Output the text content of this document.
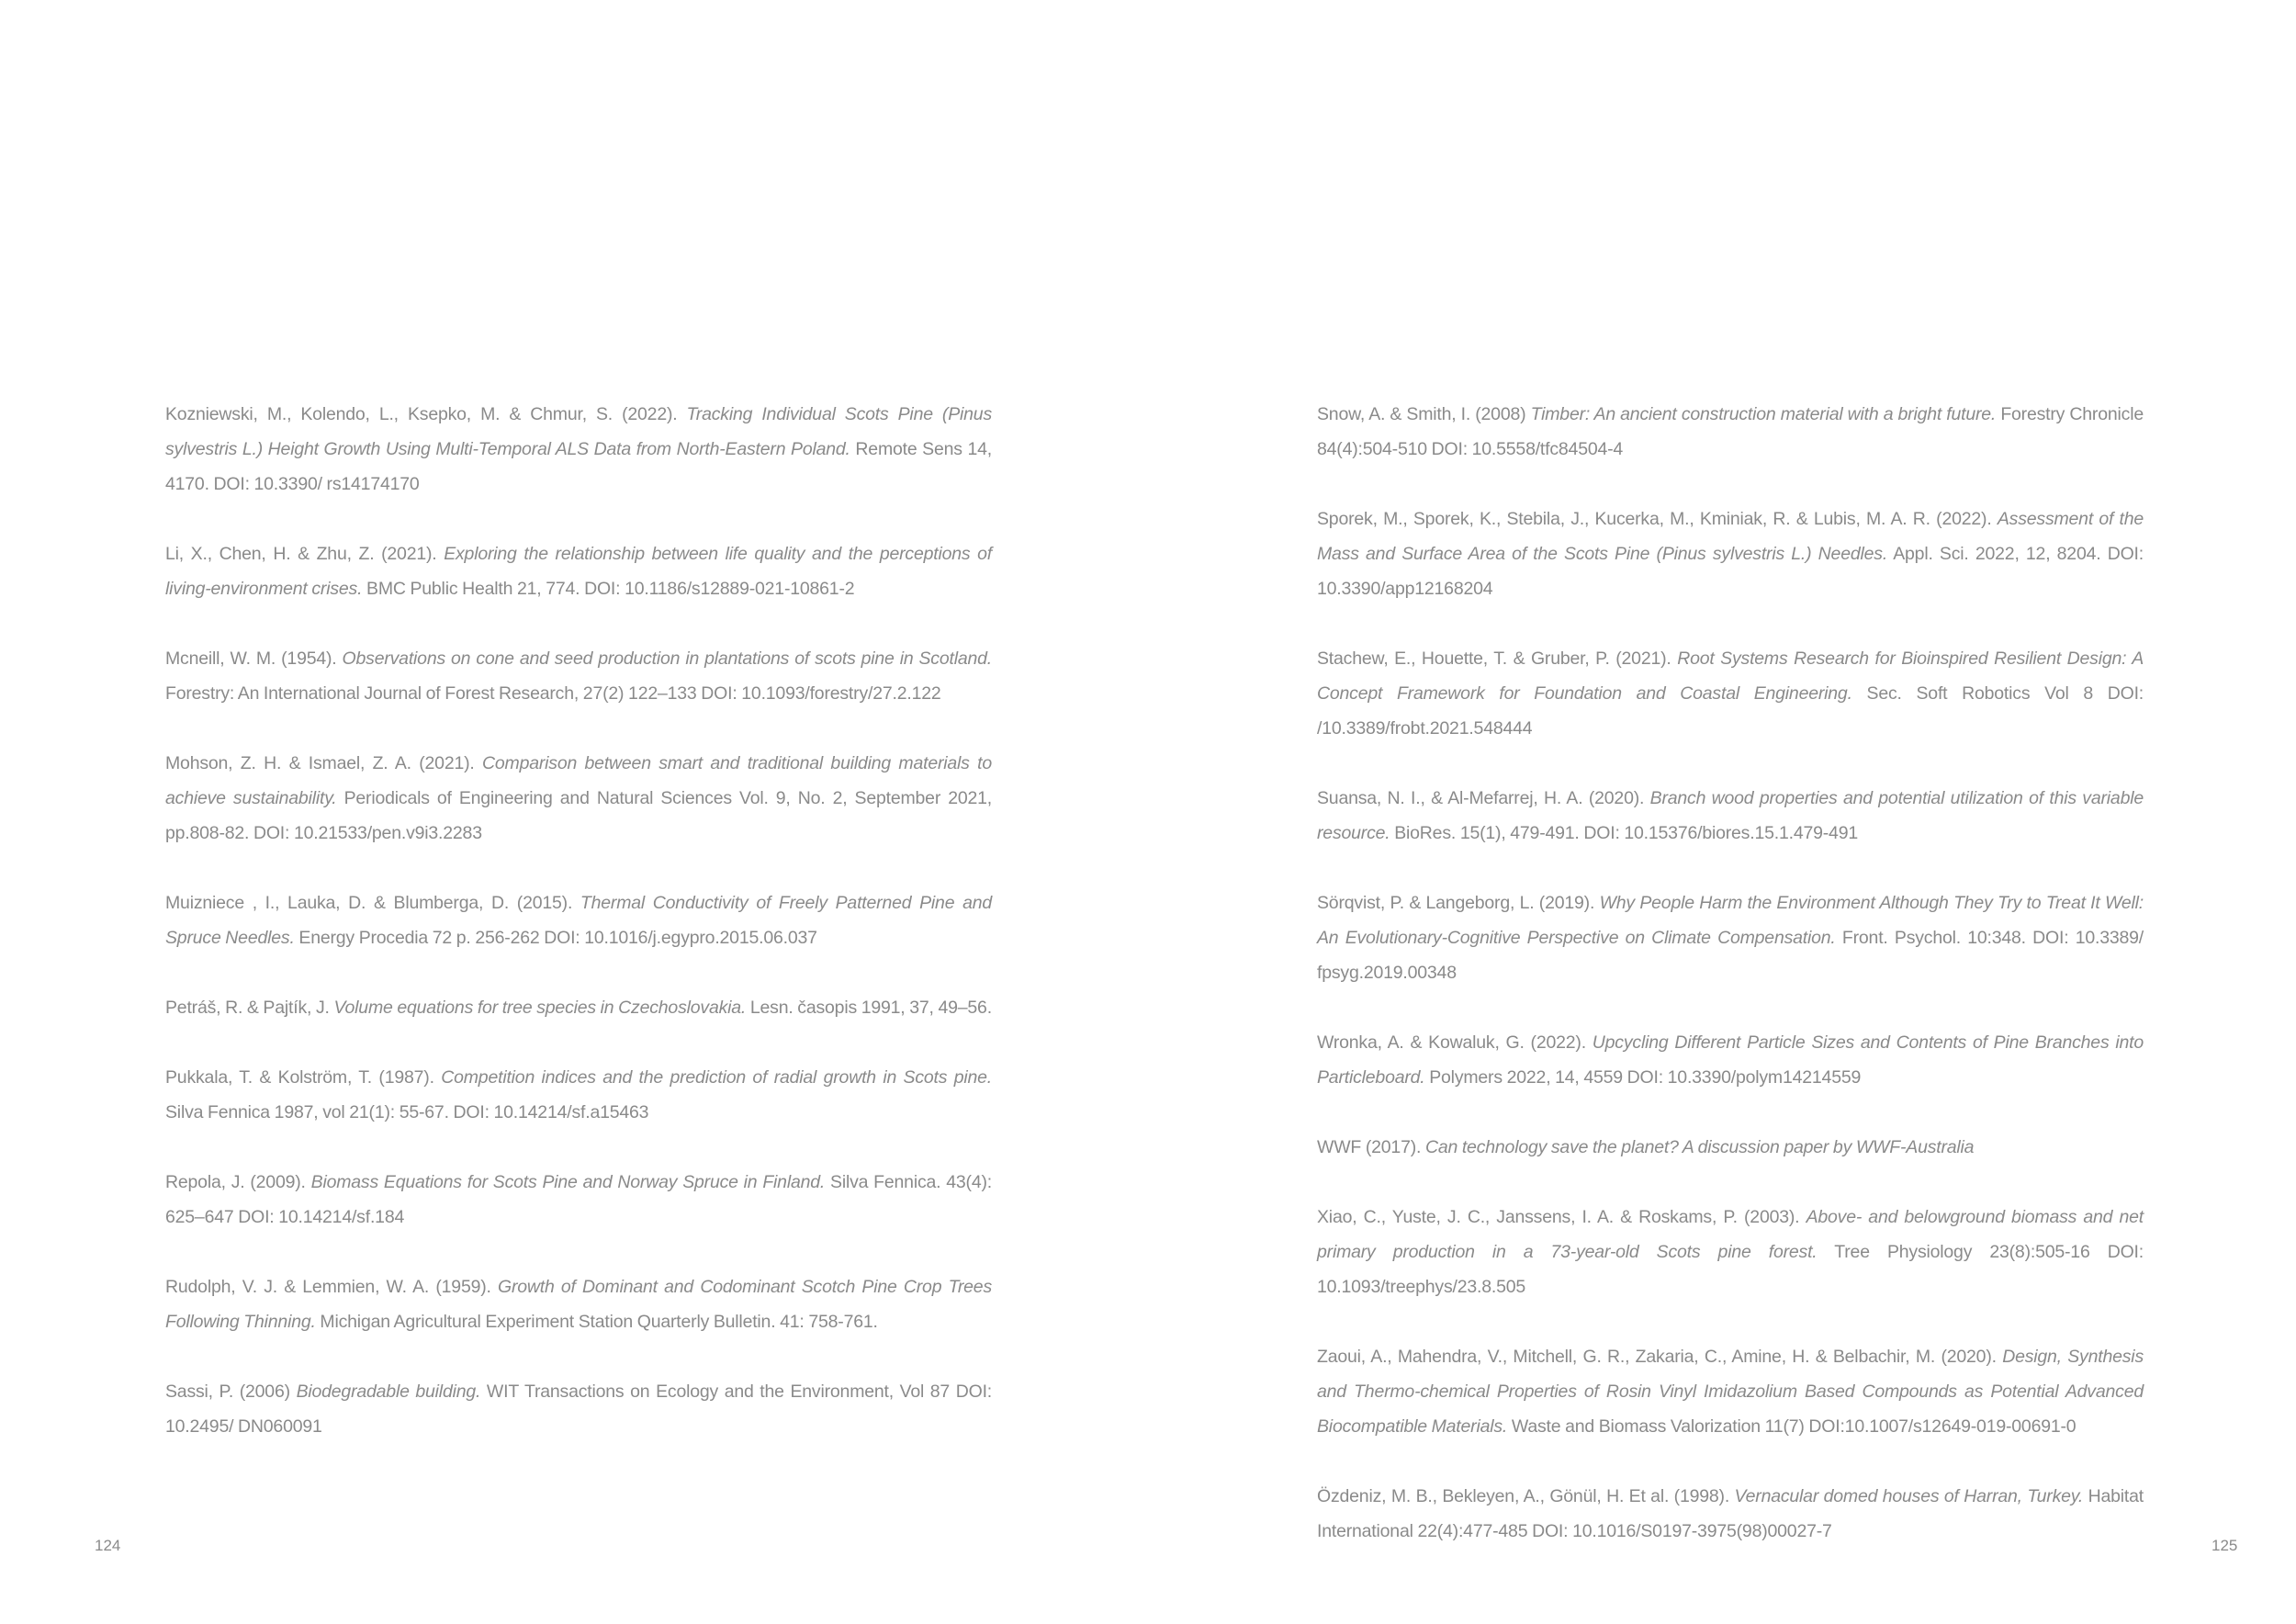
Kozniewski, M., Kolendo, L., Ksepko, M. & Chmur, S. (2022). Tracking Individual Scots Pine (Pinus sylvestris L.) Height Growth Using Multi-Temporal ALS Data from North-Eastern Poland. Remote Sens 14, 4170. DOI: 10.3390/ rs14174170

Li, X., Chen, H. & Zhu, Z. (2021). Exploring the relationship between life quality and the perceptions of living-environment crises. BMC Public Health 21, 774. DOI: 10.1186/s12889-021-10861-2

Mcneill, W. M. (1954). Observations on cone and seed production in plantations of scots pine in Scotland. Forestry: An International Journal of Forest Research, 27(2) 122–133 DOI: 10.1093/forestry/27.2.122

Mohson, Z. H. & Ismael, Z. A. (2021). Comparison between smart and traditional building materials to achieve sustainability. Periodicals of Engineering and Natural Sciences Vol. 9, No. 2, September 2021, pp.808-82. DOI: 10.21533/pen.v9i3.2283

Muizniece , I., Lauka, D. & Blumberga, D. (2015). Thermal Conductivity of Freely Patterned Pine and Spruce Needles. Energy Procedia 72 p. 256-262 DOI: 10.1016/j.egypro.2015.06.037

Petráš, R. & Pajtík, J. Volume equations for tree species in Czechoslovakia. Lesn. časopis 1991, 37, 49–56.

Pukkala, T. & Kolström, T. (1987). Competition indices and the prediction of radial growth in Scots pine. Silva Fennica 1987, vol 21(1): 55-67. DOI: 10.14214/sf.a15463

Repola, J. (2009). Biomass Equations for Scots Pine and Norway Spruce in Finland. Silva Fennica. 43(4): 625–647 DOI: 10.14214/sf.184

Rudolph, V. J. & Lemmien, W. A. (1959). Growth of Dominant and Codominant Scotch Pine Crop Trees Following Thinning. Michigan Agricultural Experiment Station Quarterly Bulletin. 41: 758-761.

Sassi, P. (2006) Biodegradable building. WIT Transactions on Ecology and the Environment, Vol 87 DOI: 10.2495/ DN060091

Snow, A. & Smith, I. (2008) Timber: An ancient construction material with a bright future. Forestry Chronicle 84(4):504-510 DOI: 10.5558/tfc84504-4

Sporek, M., Sporek, K., Stebila, J., Kucerka, M., Kminiak, R. & Lubis, M. A. R. (2022). Assessment of the Mass and Surface Area of the Scots Pine (Pinus sylvestris L.) Needles. Appl. Sci. 2022, 12, 8204. DOI: 10.3390/app12168204

Stachew, E., Houette, T. & Gruber, P. (2021). Root Systems Research for Bioinspired Resilient Design: A Concept Framework for Foundation and Coastal Engineering. Sec. Soft Robotics Vol 8 DOI: /10.3389/frobt.2021.548444

Suansa, N. I., & Al-Mefarrej, H. A. (2020). Branch wood properties and potential utilization of this variable resource. BioRes. 15(1), 479-491. DOI: 10.15376/biores.15.1.479-491

Sörqvist, P. & Langeborg, L. (2019). Why People Harm the Environment Although They Try to Treat It Well: An Evolutionary-Cognitive Perspective on Climate Compensation. Front. Psychol. 10:348. DOI: 10.3389/ fpsyg.2019.00348

Wronka, A. & Kowaluk, G. (2022). Upcycling Different Particle Sizes and Contents of Pine Branches into Particleboard. Polymers 2022, 14, 4559 DOI: 10.3390/polym14214559

WWF (2017). Can technology save the planet? A discussion paper by WWF-Australia

Xiao, C., Yuste, J. C., Janssens, I. A. & Roskams, P. (2003). Above- and belowground biomass and net primary production in a 73-year-old Scots pine forest. Tree Physiology 23(8):505-16 DOI: 10.1093/treephys/23.8.505

Zaoui, A., Mahendra, V., Mitchell, G. R., Zakaria, C., Amine, H. & Belbachir, M. (2020). Design, Synthesis and Thermo-chemical Properties of Rosin Vinyl Imidazolium Based Compounds as Potential Advanced Biocompatible Materials. Waste and Biomass Valorization 11(7) DOI:10.1007/s12649-019-00691-0

Özdeniz, M. B., Bekleyen, A., Gönül, H. Et al. (1998). Vernacular domed houses of Harran, Turkey. Habitat International 22(4):477-485 DOI: 10.1016/S0197-3975(98)00027-7

124	125
